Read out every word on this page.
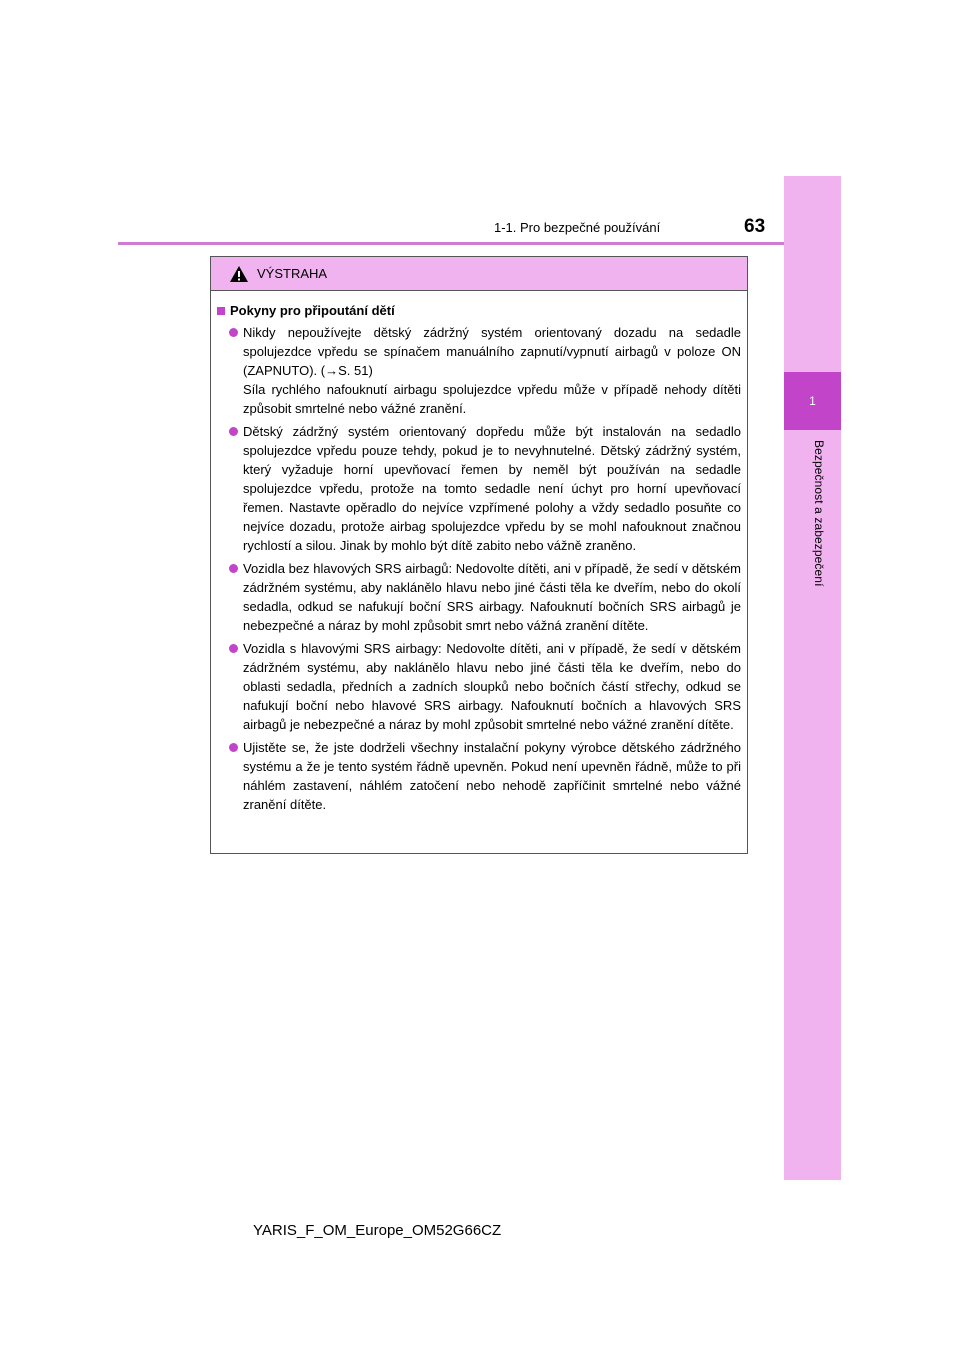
1
Bezpečnost a zabezpečení
1-1. Pro bezpečné používání	63
VÝSTRAHA
Pokyny pro připoutání dětí
Nikdy nepoužívejte dětský zádržný systém orientovaný dozadu na sedadle spolujezdce vpředu se spínačem manuálního zapnutí/vypnutí airbagů v poloze ON (ZAPNUTO). (→S. 51)
Síla rychlého nafouknutí airbagu spolujezdce vpředu může v případě nehody dítěti způsobit smrtelné nebo vážné zranění.
Dětský zádržný systém orientovaný dopředu může být instalován na sedadlo spolujezdce vpředu pouze tehdy, pokud je to nevyhnutelné. Dětský zádržný systém, který vyžaduje horní upevňovací řemen by neměl být používán na sedadle spolujezdce vpředu, protože na tomto sedadle není úchyt pro horní upevňovací řemen. Nastavte opěradlo do nejvíce vzpřímené polohy a vždy sedadlo posuňte co nejvíce dozadu, protože airbag spolujezdce vpředu by se mohl nafouknout značnou rychlostí a silou. Jinak by mohlo být dítě zabito nebo vážně zraněno.
Vozidla bez hlavových SRS airbagů: Nedovolte dítěti, ani v případě, že sedí v dětském zádržném systému, aby naklánělo hlavu nebo jiné části těla ke dveřím, nebo do okolí sedadla, odkud se nafukují boční SRS airbagy. Nafouknutí bočních SRS airbagů je nebezpečné a náraz by mohl způsobit smrt nebo vážná zranění dítěte.
Vozidla s hlavovými SRS airbagy: Nedovolte dítěti, ani v případě, že sedí v dětském zádržném systému, aby naklánělo hlavu nebo jiné části těla ke dveřím, nebo do oblasti sedadla, předních a zadních sloupků nebo bočních částí střechy, odkud se nafukují boční nebo hlavové SRS airbagy. Nafouknutí bočních a hlavových SRS airbagů je nebezpečné a náraz by mohl způsobit smrtelné nebo vážné zranění dítěte.
Ujistěte se, že jste dodrželi všechny instalační pokyny výrobce dětského zádržného systému a že je tento systém řádně upevněn. Pokud není upevněn řádně, může to při náhlém zastavení, náhlém zatočení nebo nehodě zapříčinit smrtelné nebo vážné zranění dítěte.
YARIS_F_OM_Europe_OM52G66CZ
